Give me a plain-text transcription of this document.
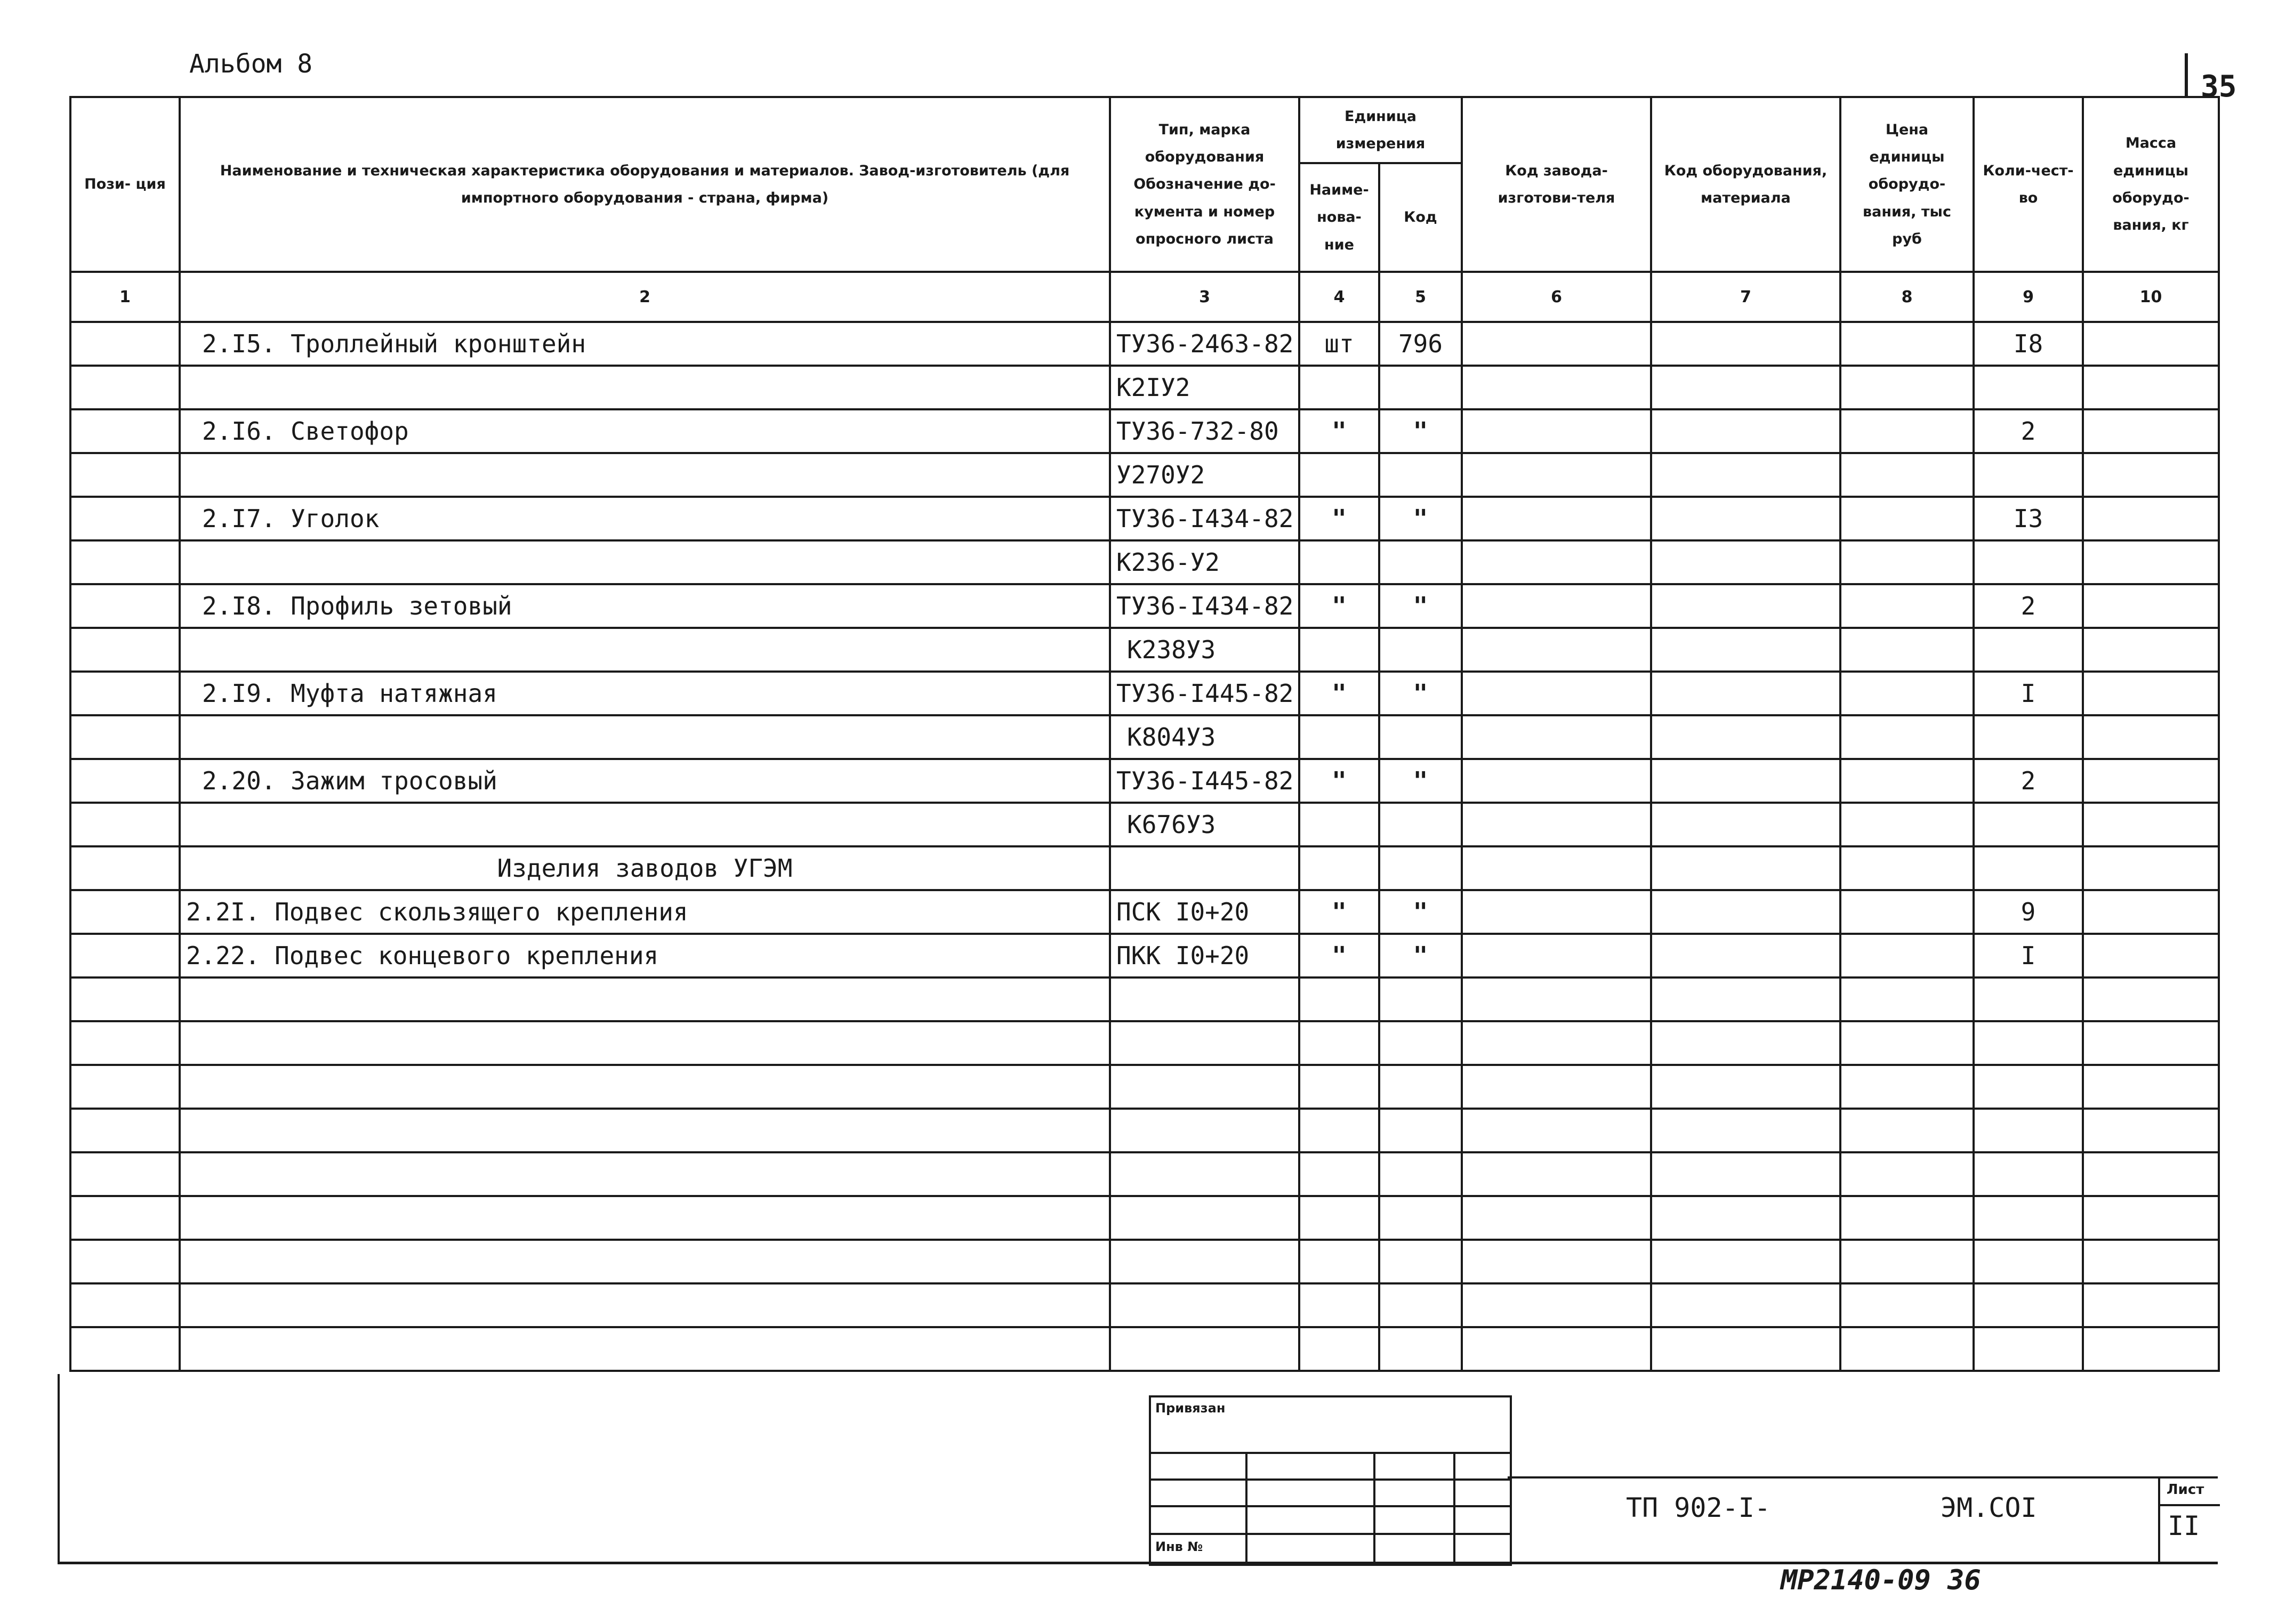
Альбом 8
35
Пози- ция	Наименование и техническая характеристика оборудования и материалов. Завод-изготовитель (для импортного оборудования - страна, фирма)	Тип, марка оборудования Обозначение до-кумента и номер опросного листа	Единица измерения		Код завода-изготови-теля	Код оборудования, материала	Цена единицы оборудо-вания, тыс руб	Коли-чест-во	Масса единицы оборудо-вания, кг
			Наиме-нова-ние	Код					
1	2	3	4	5	6	7	8	9	10
	2.I5. Троллейный кронштейн	ТУ36-2463-82	шт	796				I8	
		К2IУ2							
	2.I6. Светофор	ТУ36-732-80	"	"				2	
		У270У2							
	2.I7. Уголок	ТУ36-I434-82	"	"				I3	
		К236-У2							
	2.I8. Профиль зетовый	ТУ36-I434-82	"	"				2	
		К238У3							
	2.I9. Муфта натяжная	ТУ36-I445-82	"	"				I	
		К804У3							
	2.20. Зажим тросовый	ТУ36-I445-82	"	"				2	
		К676У3							
	Изделия заводов УГЭМ								
	2.2I. Подвес скользящего крепления	ПСК I0+20	"	"				9	
	2.22. Подвес концевого крепления	ПКК I0+20	"	"				I	

Привязан
Инв №
ТП 902-I-	ЭМ.СОI
Лист
II
МР2140-09 36
